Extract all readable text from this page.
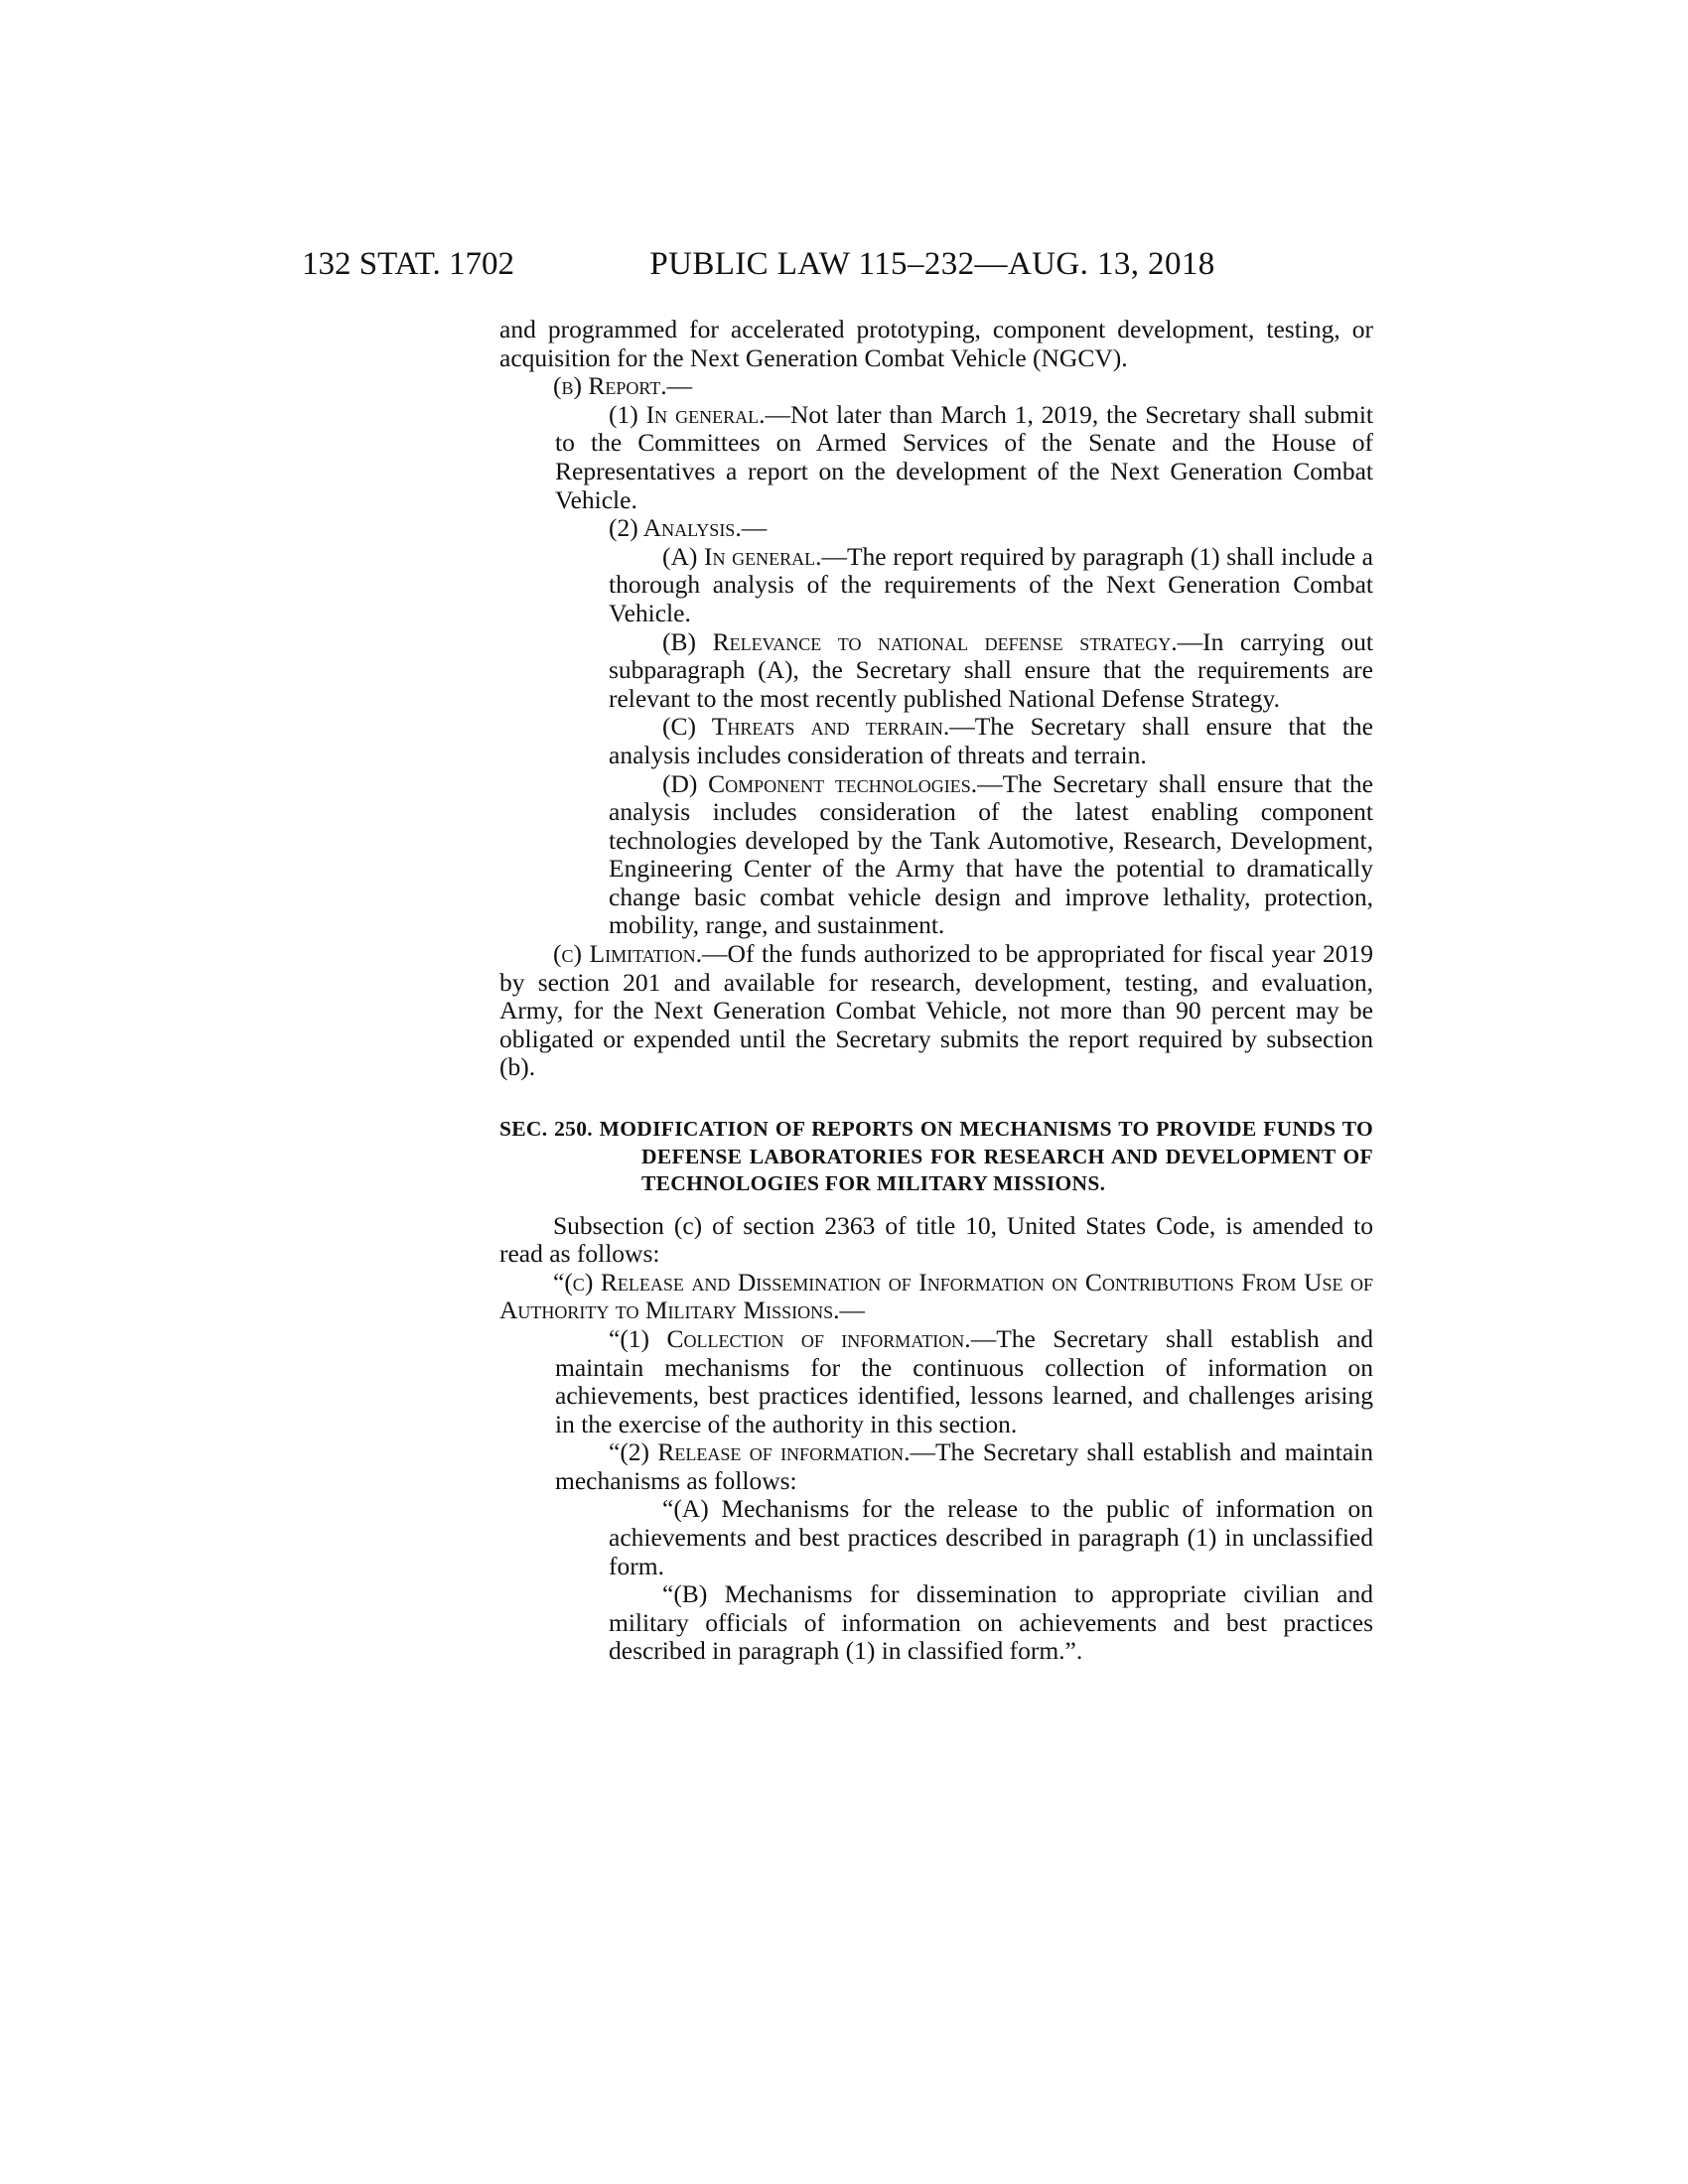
132 STAT. 1702	PUBLIC LAW 115–232—AUG. 13, 2018

and programmed for accelerated prototyping, component development, testing, or acquisition for the Next Generation Combat Vehicle (NGCV).

(b) Report.—

(1) In general.—Not later than March 1, 2019, the Secretary shall submit to the Committees on Armed Services of the Senate and the House of Representatives a report on the development of the Next Generation Combat Vehicle.

(2) Analysis.—

(A) In general.—The report required by paragraph (1) shall include a thorough analysis of the requirements of the Next Generation Combat Vehicle.

(B) Relevance to national defense strategy.—In carrying out subparagraph (A), the Secretary shall ensure that the requirements are relevant to the most recently published National Defense Strategy.

(C) Threats and terrain.—The Secretary shall ensure that the analysis includes consideration of threats and terrain.

(D) Component technologies.—The Secretary shall ensure that the analysis includes consideration of the latest enabling component technologies developed by the Tank Automotive, Research, Development, Engineering Center of the Army that have the potential to dramatically change basic combat vehicle design and improve lethality, protection, mobility, range, and sustainment.

(c) Limitation.—Of the funds authorized to be appropriated for fiscal year 2019 by section 201 and available for research, development, testing, and evaluation, Army, for the Next Generation Combat Vehicle, not more than 90 percent may be obligated or expended until the Secretary submits the report required by subsection (b).

SEC. 250. MODIFICATION OF REPORTS ON MECHANISMS TO PROVIDE FUNDS TO DEFENSE LABORATORIES FOR RESEARCH AND DEVELOPMENT OF TECHNOLOGIES FOR MILITARY MISSIONS.

Subsection (c) of section 2363 of title 10, United States Code, is amended to read as follows:

“(c) Release and Dissemination of Information on Contributions From Use of Authority to Military Missions.—

“(1) Collection of information.—The Secretary shall establish and maintain mechanisms for the continuous collection of information on achievements, best practices identified, lessons learned, and challenges arising in the exercise of the authority in this section.

“(2) Release of information.—The Secretary shall establish and maintain mechanisms as follows:

“(A) Mechanisms for the release to the public of information on achievements and best practices described in paragraph (1) in unclassified form.

“(B) Mechanisms for dissemination to appropriate civilian and military officials of information on achievements and best practices described in paragraph (1) in classified form.”.
